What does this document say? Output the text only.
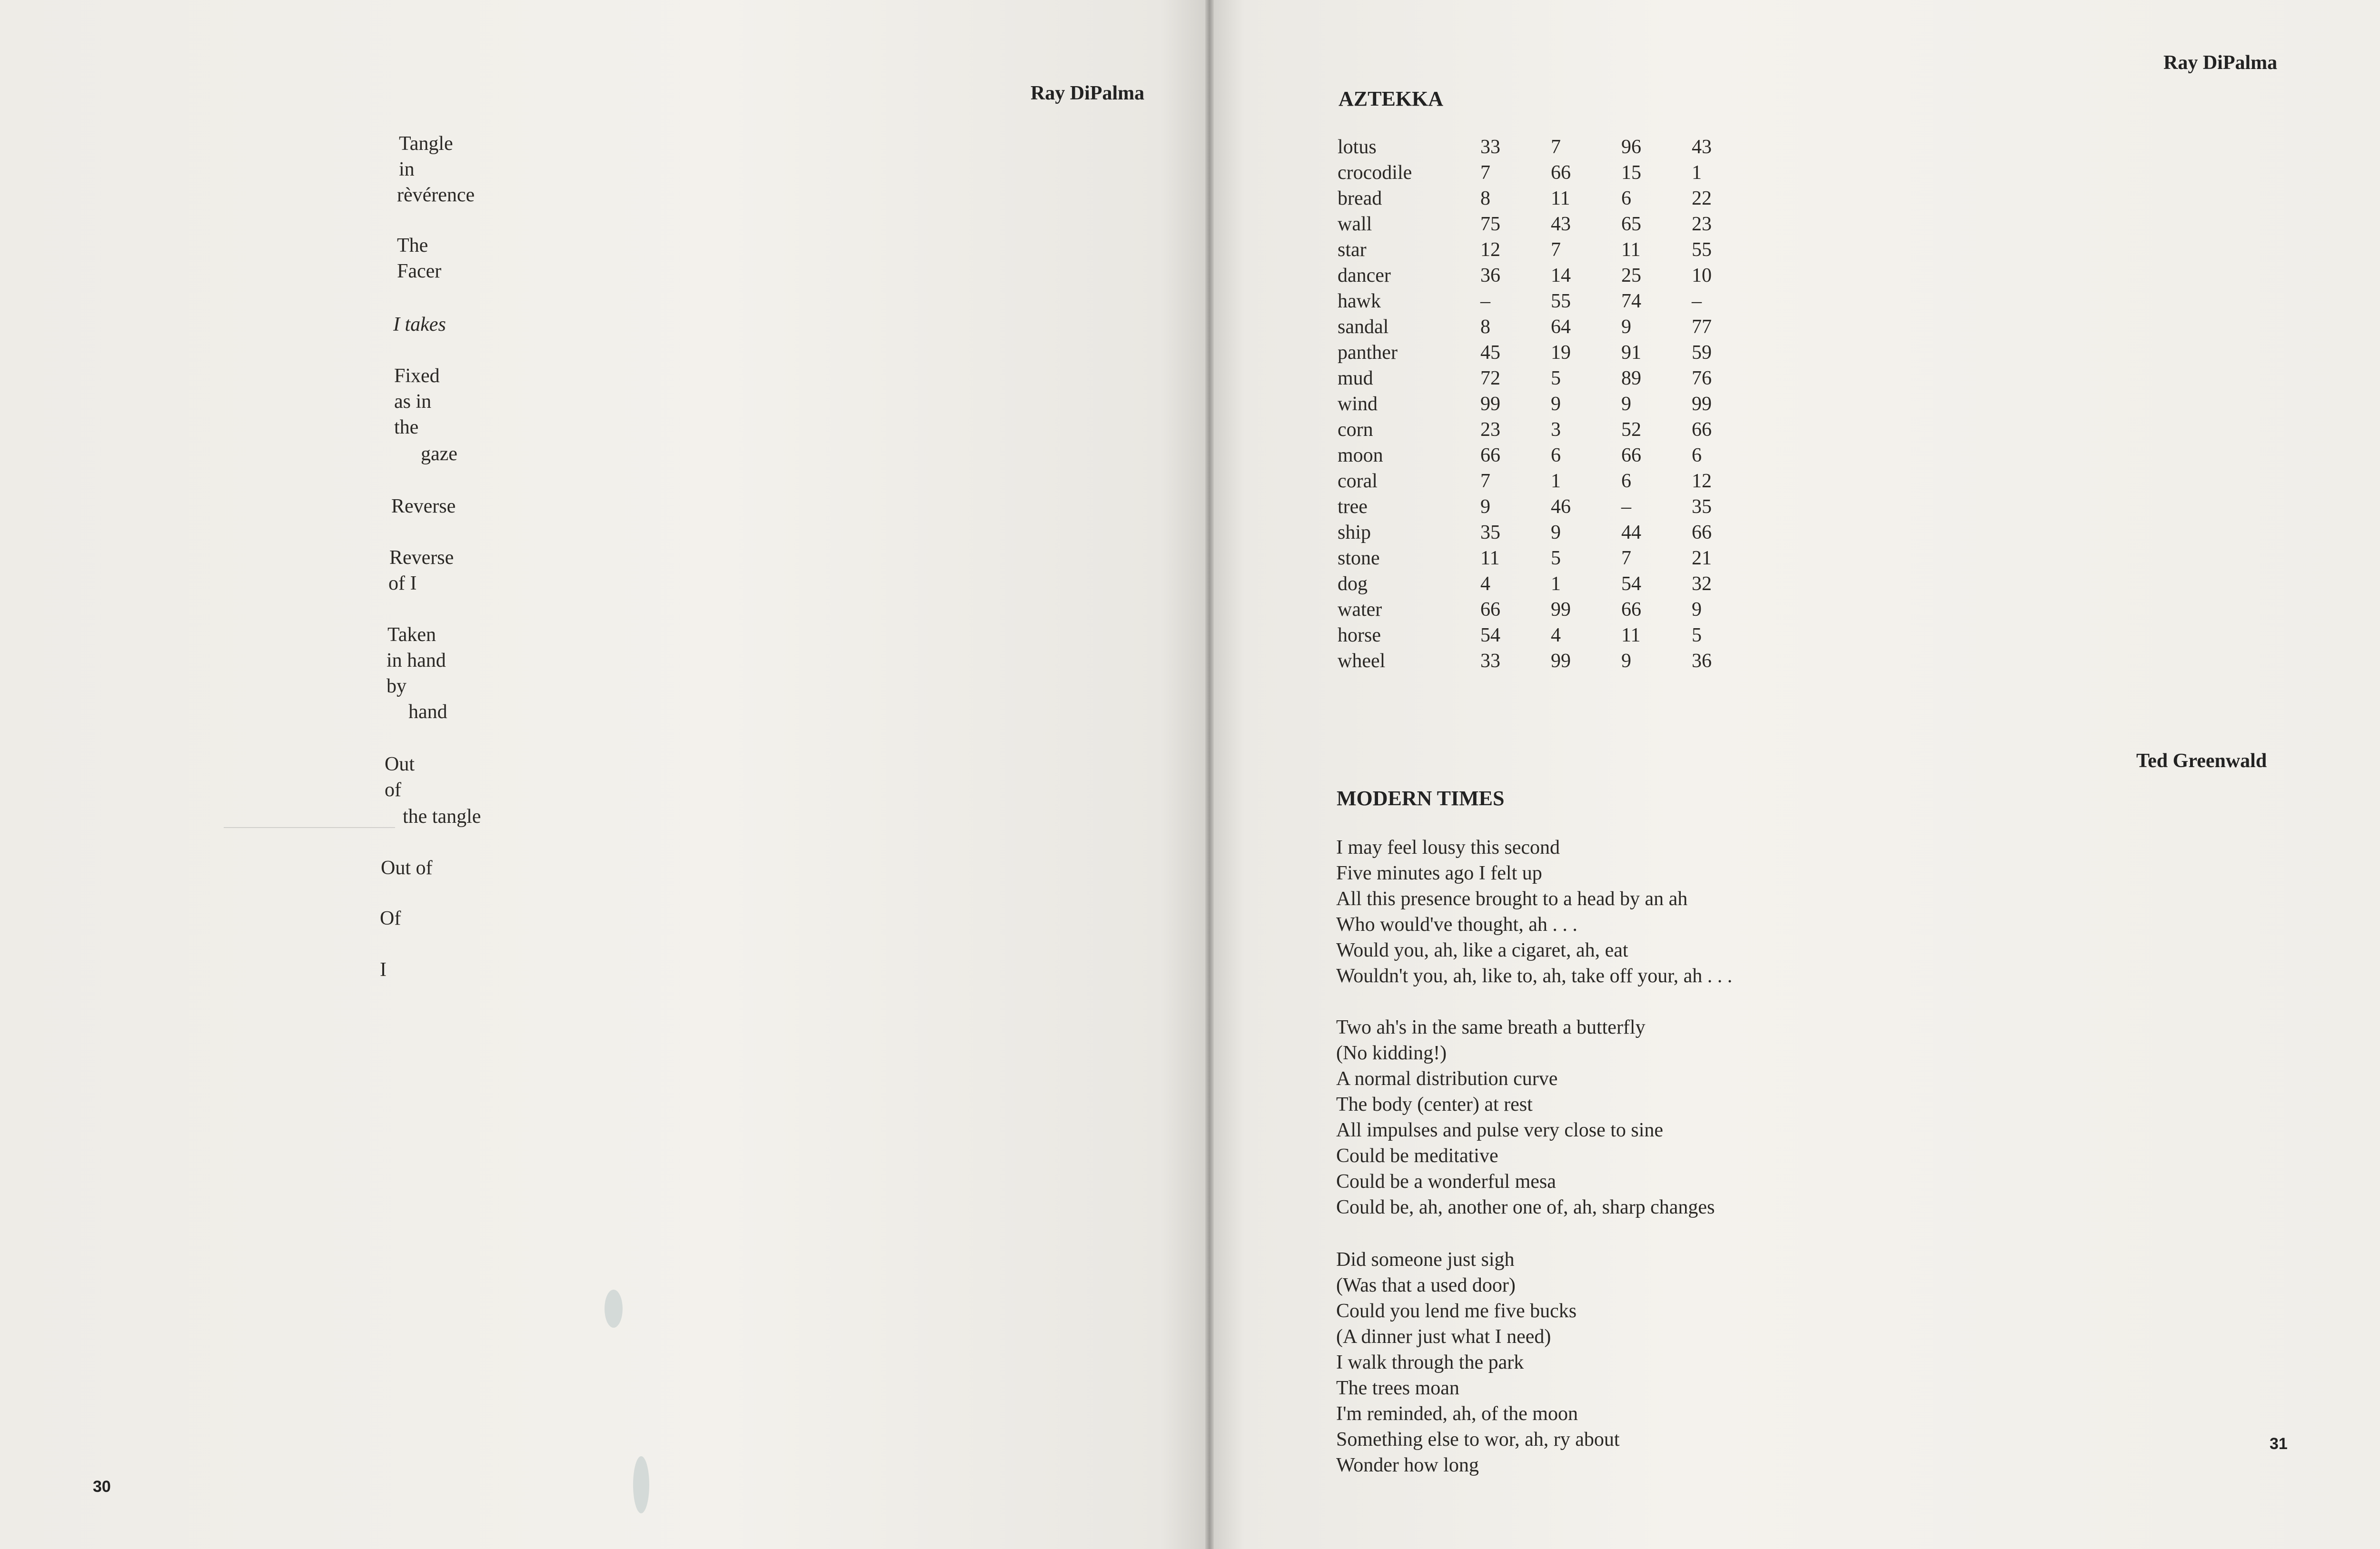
Ray DiPalma
Tangle
in
rèvérence
The
Facer
I takes
Fixed
as in
the
gaze
Reverse
Reverse
of I
Taken
in hand
by
hand
Out
of
the tangle
Out of
Of
I
30
Ray DiPalma
AZTEKKA
lotus	33	7	96	43
crocodile	7	66	15	1
bread	8	11	6	22
wall	75	43	65	23
star	12	7	11	55
dancer	36	14	25	10
hawk	–	55	74	–
sandal	8	64	9	77
panther	45	19	91	59
mud	72	5	89	76
wind	99	9	9	99
corn	23	3	52	66
moon	66	6	66	6
coral	7	1	6	12
tree	9	46	–	35
ship	35	9	44	66
stone	11	5	7	21
dog	4	1	54	32
water	66	99	66	9
horse	54	4	11	5
wheel	33	99	9	36
Ted Greenwald
MODERN TIMES
I may feel lousy this second
Five minutes ago I felt up
All this presence brought to a head by an ah
Who would've thought, ah . . .
Would you, ah, like a cigaret, ah, eat
Wouldn't you, ah, like to, ah, take off your, ah . . .
Two ah's in the same breath a butterfly
(No kidding!)
A normal distribution curve
The body (center) at rest
All impulses and pulse very close to sine
Could be meditative
Could be a wonderful mesa
Could be, ah, another one of, ah, sharp changes
Did someone just sigh
(Was that a used door)
Could you lend me five bucks
(A dinner just what I need)
I walk through the park
The trees moan
I'm reminded, ah, of the moon
Something else to wor, ah, ry about
Wonder how long
31
